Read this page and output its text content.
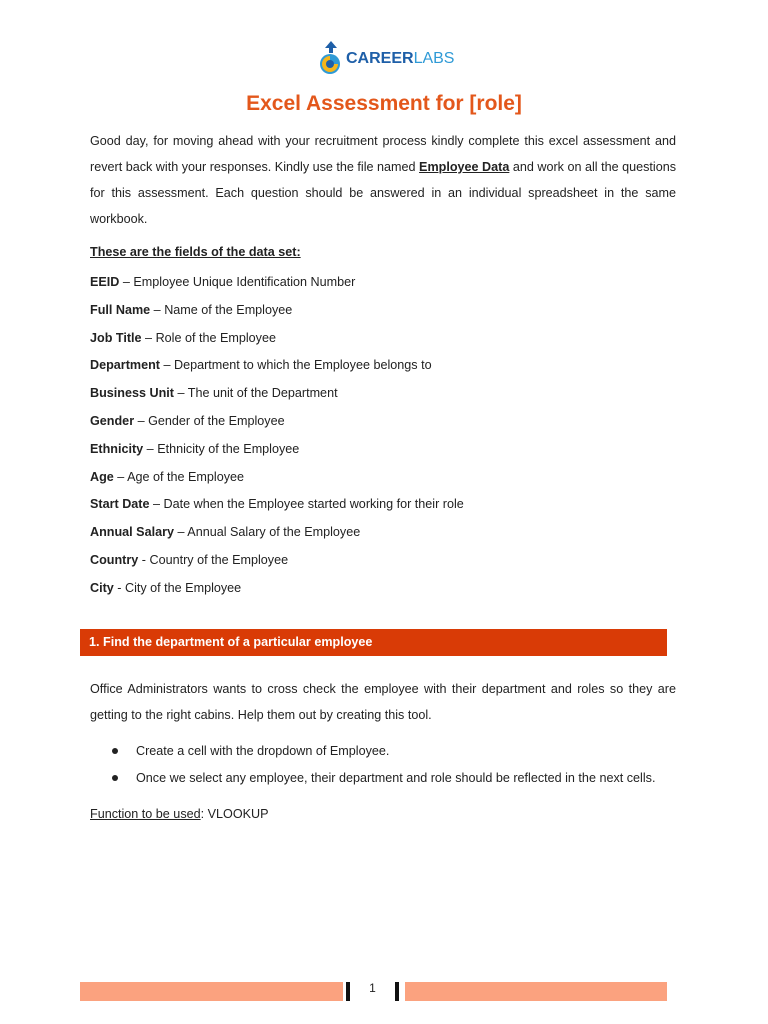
CAREERLABS
Excel Assessment for [role]
Good day, for moving ahead with your recruitment process kindly complete this excel assessment and revert back with your responses. Kindly use the file named Employee Data and work on all the questions for this assessment. Each question should be answered in an individual spreadsheet in the same workbook.
These are the fields of the data set:
EEID – Employee Unique Identification Number
Full Name – Name of the Employee
Job Title – Role of the Employee
Department – Department to which the Employee belongs to
Business Unit – The unit of the Department
Gender – Gender of the Employee
Ethnicity – Ethnicity of the Employee
Age – Age of the Employee
Start Date – Date when the Employee started working for their role
Annual Salary – Annual Salary of the Employee
Country - Country of the Employee
City - City of the Employee
1. Find the department of a particular employee
Office Administrators wants to cross check the employee with their department and roles so they are getting to the right cabins. Help them out by creating this tool.
Create a cell with the dropdown of Employee.
Once we select any employee, their department and role should be reflected in the next cells.
Function to be used: VLOOKUP
1
